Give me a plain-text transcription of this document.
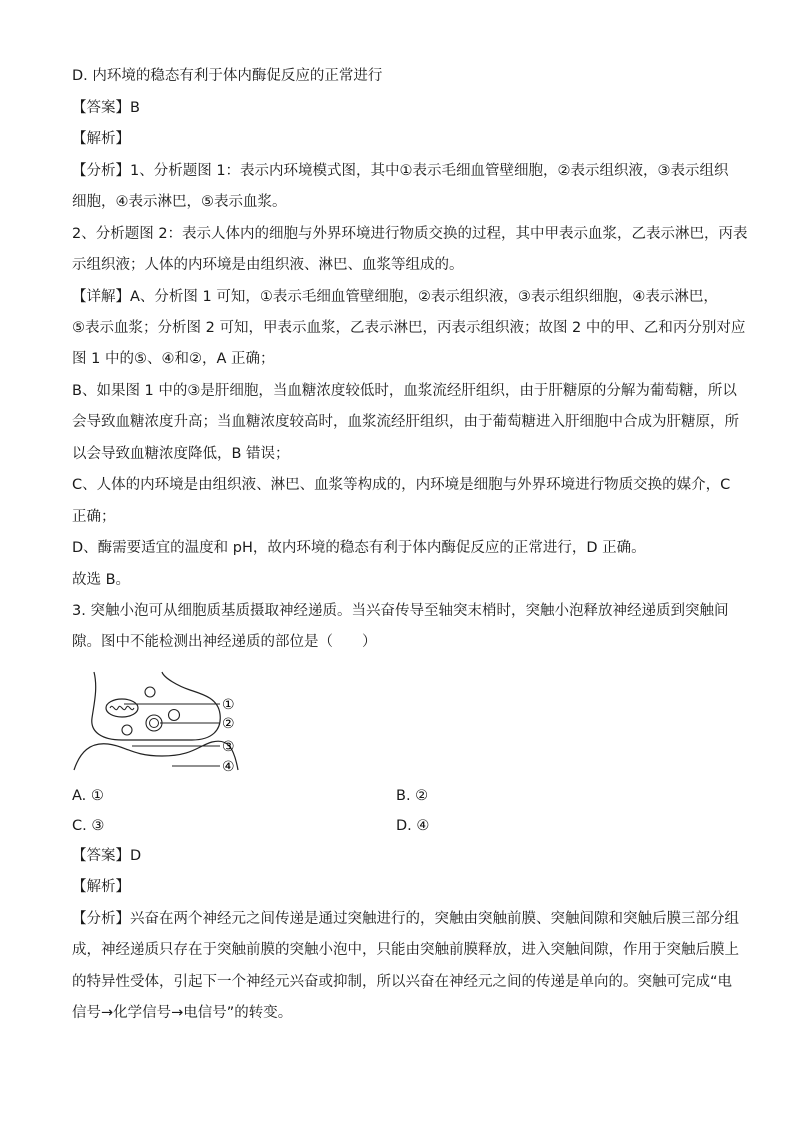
D. 内环境的稳态有利于体内酶促反应的正常进行
【答案】B
【解析】
【分析】1、分析题图 1：表示内环境模式图，其中①表示毛细血管壁细胞，②表示组织液，③表示组织
细胞，④表示淋巴，⑤表示血浆。
2、分析题图 2：表示人体内的细胞与外界环境进行物质交换的过程，其中甲表示血浆，乙表示淋巴，丙表
示组织液；人体的内环境是由组织液、淋巴、血浆等组成的。
【详解】A、分析图 1 可知，①表示毛细血管壁细胞，②表示组织液，③表示组织细胞，④表示淋巴，
⑤表示血浆；分析图 2 可知，甲表示血浆，乙表示淋巴，丙表示组织液；故图 2 中的甲、乙和丙分别对应
图 1 中的⑤、④和②，A 正确；
B、如果图 1 中的③是肝细胞，当血糖浓度较低时，血浆流经肝组织，由于肝糖原的分解为葡萄糖，所以
会导致血糖浓度升高；当血糖浓度较高时，血浆流经肝组织，由于葡萄糖进入肝细胞中合成为肝糖原，所
以会导致血糖浓度降低，B 错误；
C、人体的内环境是由组织液、淋巴、血浆等构成的，内环境是细胞与外界环境进行物质交换的媒介，C
正确；
D、酶需要适宜的温度和 pH，故内环境的稳态有利于体内酶促反应的正常进行，D 正确。
故选 B。
3. 突触小泡可从细胞质基质摄取神经递质。当兴奋传导至轴突末梢时，突触小泡释放神经递质到突触间
隙。图中不能检测出神经递质的部位是（　　）
①
②
③
④
A. ①	B. ②
C. ③	D. ④
【答案】D
【解析】
【分析】兴奋在两个神经元之间传递是通过突触进行的，突触由突触前膜、突触间隙和突触后膜三部分组
成，神经递质只存在于突触前膜的突触小泡中，只能由突触前膜释放，进入突触间隙，作用于突触后膜上
的特异性受体，引起下一个神经元兴奋或抑制，所以兴奋在神经元之间的传递是单向的。突触可完成“电
信号→化学信号→电信号”的转变。
